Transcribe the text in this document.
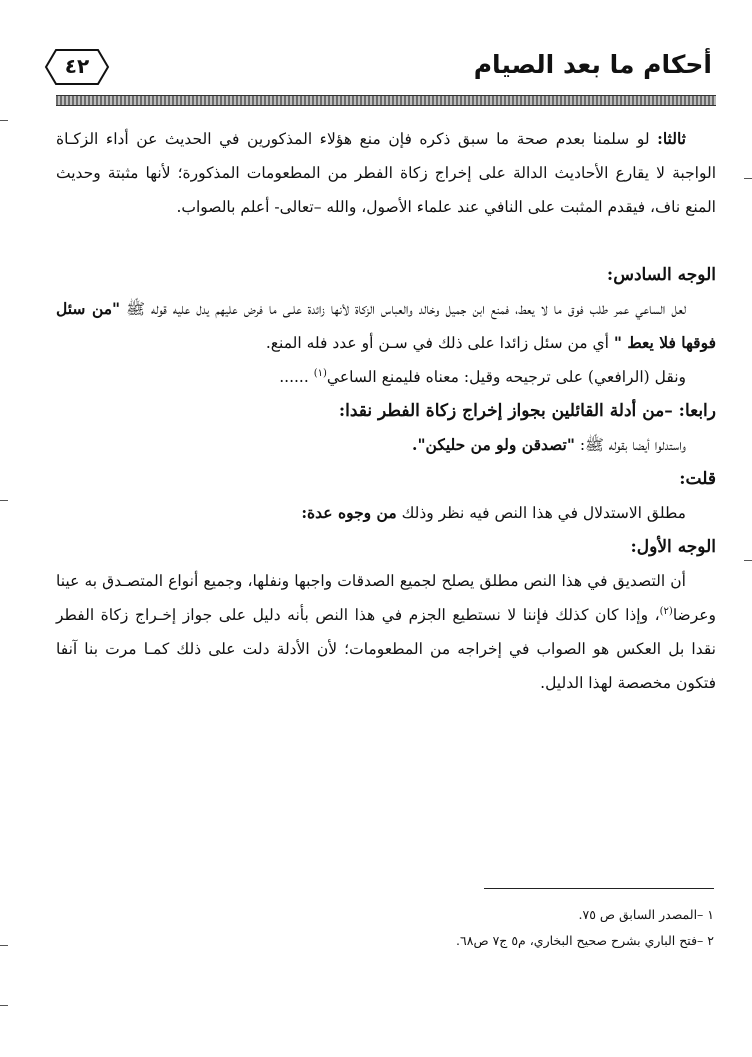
أحكام ما بعد الصيام
٤٢

ثالثا: لو سلمنا بعدم صحة ما سبق ذكره فإن منع هؤلاء المذكورين في الحديث عن أداء الزكـاة الواجبة لا يقارع الأحاديث الدالة على إخراج زكاة الفطر من المطعومات المذكورة؛ لأنها مثبتة وحديث المنع ناف، فيقدم المثبت على النافي عند علماء الأصول، والله –تعالى- أعلم بالصواب.

الوجه السادس:

لعل الساعي عمر طلب فوق ما لا يعط، فمنع ابن جميل وخالد والعباس الزكاة لأنها زائدة علـى ما فرض عليهم يدل عليه قوله ﷺ "من سئل فوقها فلا يعط " أي من سئل زائدا على ذلك في سـن أو عدد فله المنع.

ونقل (الرافعي) على ترجيحه وقيل: معناه فليمنع الساعي$^{(١)}$ ......

رابعا: –من أدلة القائلين بجواز إخراج زكاة الفطر نقدا:

واستدلوا أيضا بقوله ﷺ: "تصدقن ولو من حليكن".

قلت:

مطلق الاستدلال في هذا النص فيه نظر وذلك من وجوه عدة:

الوجه الأول:

أن التصديق في هذا النص مطلق يصلح لجميع الصدقات واجبها ونفلها، وجميع أنواع المتصـدق به عينا وعرضا$^{(٢)}$، وإذا كان كذلك فإننا لا نستطيع الجزم في هذا النص بأنه دليل على جواز إخـراج زكاة الفطر نقدا بل العكس هو الصواب في إخراجه من المطعومات؛ لأن الأدلة دلت على ذلك كمـا مرت بنا آنفا فتكون مخصصة لهذا الدليل.

١ –المصدر السابق ص ٧٥.

٢ –فتح الباري بشرح صحيح البخاري، م٥ ج٧ ص٦٨.
